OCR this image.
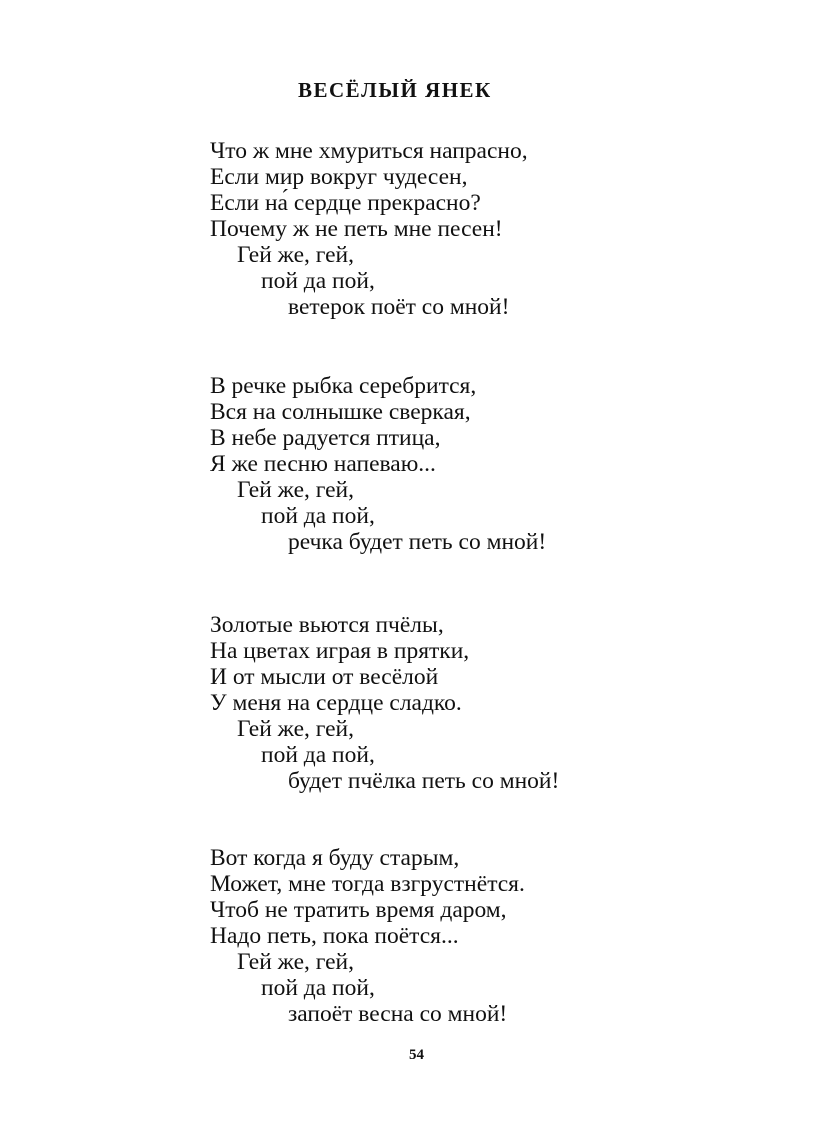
ВЕСЁЛЫЙ ЯНЕК
Что ж мне хмуриться напрасно,
Если мир вокруг чудесен,
Если на́ сердце прекрасно?
Почему ж не петь мне песен!
Гей же, гей,
пой да пой,
ветерок поёт со мной!
В речке рыбка серебрится,
Вся на солнышке сверкая,
В небе радуется птица,
Я же песню напеваю...
Гей же, гей,
пой да пой,
речка будет петь со мной!
Золотые вьются пчёлы,
На цветах играя в прятки,
И от мысли от весёлой
У меня на сердце сладко.
Гей же, гей,
пой да пой,
будет пчёлка петь со мной!
Вот когда я буду старым,
Может, мне тогда взгрустнётся.
Чтоб не тратить время даром,
Надо петь, пока поётся...
Гей же, гей,
пой да пой,
запоёт весна со мной!
54
